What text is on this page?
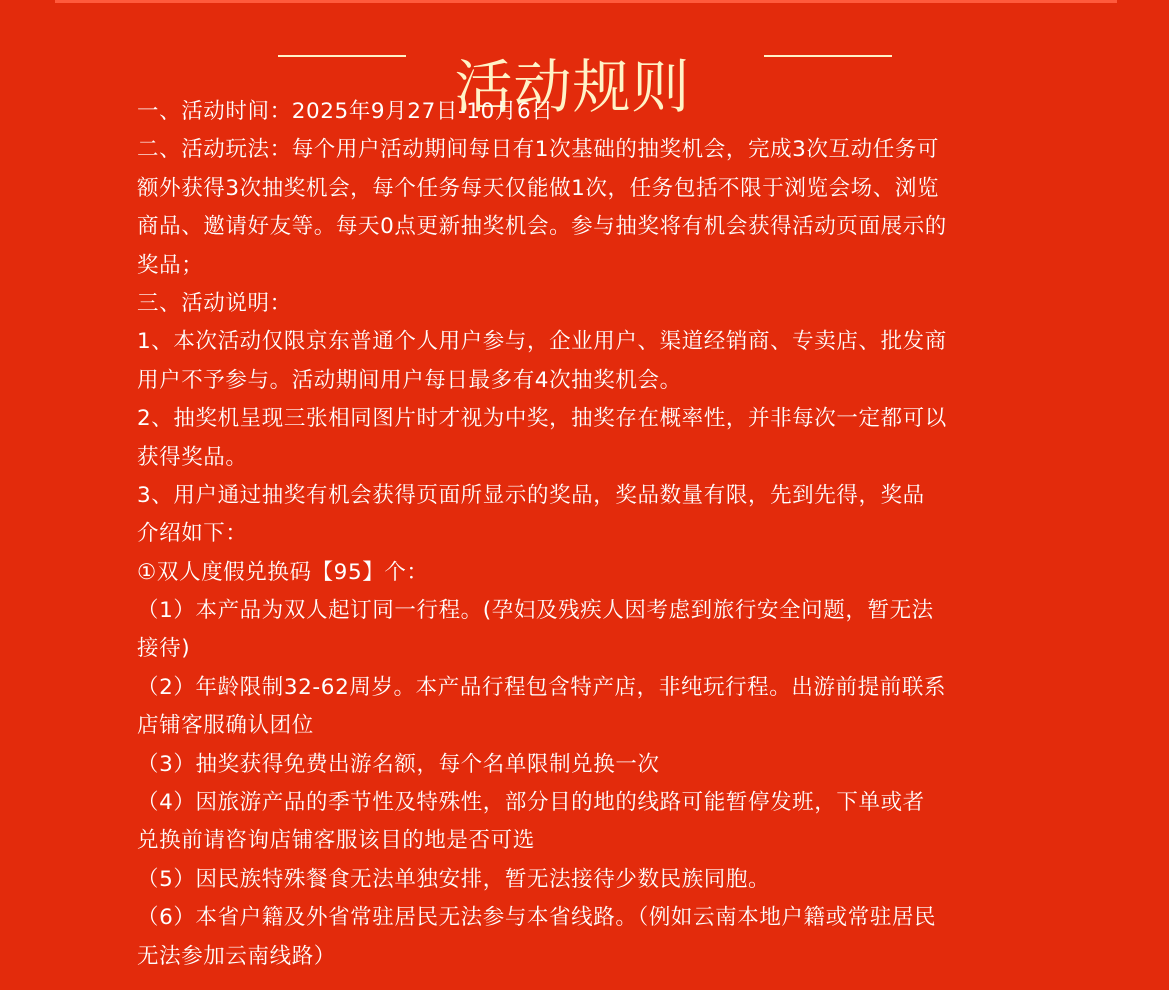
活动规则
一、活动时间：2025年9月27日-10月6日
二、活动玩法：每个用户活动期间每日有1次基础的抽奖机会，完成3次互动任务可
额外获得3次抽奖机会，每个任务每天仅能做1次，任务包括不限于浏览会场、浏览
商品、邀请好友等。每天0点更新抽奖机会。参与抽奖将有机会获得活动页面展示的
奖品；
三、活动说明：
1、本次活动仅限京东普通个人用户参与，企业用户、渠道经销商、专卖店、批发商
用户不予参与。活动期间用户每日最多有4次抽奖机会。
2、抽奖机呈现三张相同图片时才视为中奖，抽奖存在概率性，并非每次一定都可以
获得奖品。
3、用户通过抽奖有机会获得页面所显示的奖品，奖品数量有限，先到先得，奖品
介绍如下：
①双人度假兑换码【95】个：
（1）本产品为双人起订同一行程。(孕妇及残疾人因考虑到旅行安全问题，暂无法
接待)
（2）年龄限制32-62周岁。本产品行程包含特产店，非纯玩行程。出游前提前联系
店铺客服确认团位
（3）抽奖获得免费出游名额，每个名单限制兑换一次
（4）因旅游产品的季节性及特殊性，部分目的地的线路可能暂停发班，下单或者
兑换前请咨询店铺客服该目的地是否可选
（5）因民族特殊餐食无法单独安排，暂无法接待少数民族同胞。
（6）本省户籍及外省常驻居民无法参与本省线路。（例如云南本地户籍或常驻居民
无法参加云南线路）
